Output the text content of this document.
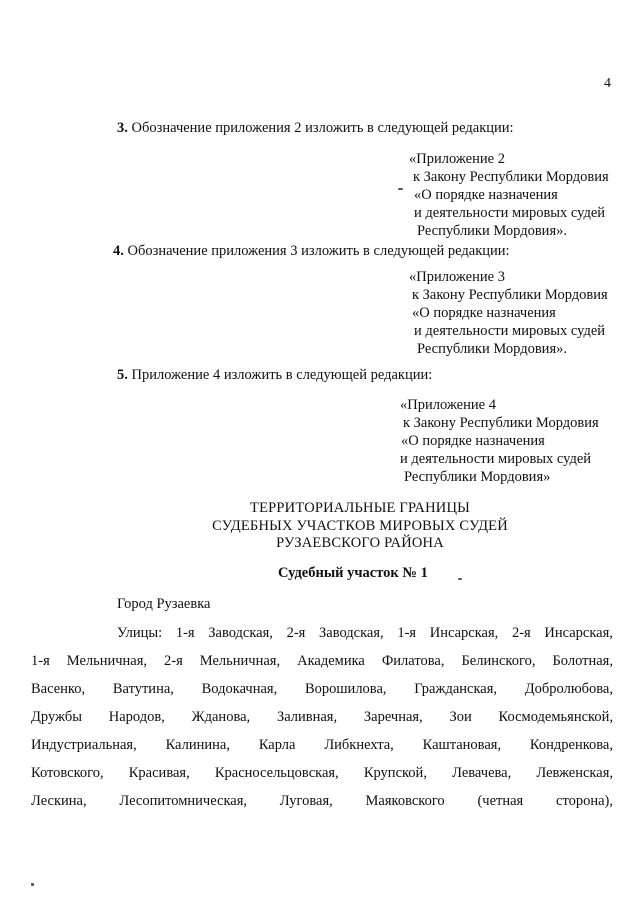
4
3. Обозначение приложения 2 изложить в следующей редакции:
«Приложение 2
к Закону Республики Мордовия
«О порядке назначения
и деятельности мировых судей
Республики Мордовия».
4. Обозначение приложения 3 изложить в следующей редакции:
«Приложение 3
к Закону Республики Мордовия
«О порядке назначения
и деятельности мировых судей
Республики Мордовия».
5. Приложение 4 изложить в следующей редакции:
«Приложение 4
к Закону Республики Мордовия
«О порядке назначения
и деятельности мировых судей
Республики Мордовия»
ТЕРРИТОРИАЛЬНЫЕ ГРАНИЦЫ
СУДЕБНЫХ УЧАСТКОВ МИРОВЫХ СУДЕЙ
РУЗАЕВСКОГО РАЙОНА
Судебный участок № 1
Город Рузаевка
Улицы: 1-я Заводская, 2-я Заводская, 1-я Инсарская, 2-я Инсарская,
1-я Мельничная, 2-я Мельничная, Академика Филатова, Белинского, Болотная,
Васенко, Ватутина, Водокачная, Ворошилова, Гражданская, Добролюбова,
Дружбы Народов, Жданова, Заливная, Заречная, Зои Космодемьянской,
Индустриальная, Калинина, Карла Либкнехта, Каштановая, Кондренкова,
Котовского, Красивая, Красносельцовская, Крупской, Левачева, Левженская,
Лескина, Лесопитомническая, Луговая, Маяковского (четная сторона),
